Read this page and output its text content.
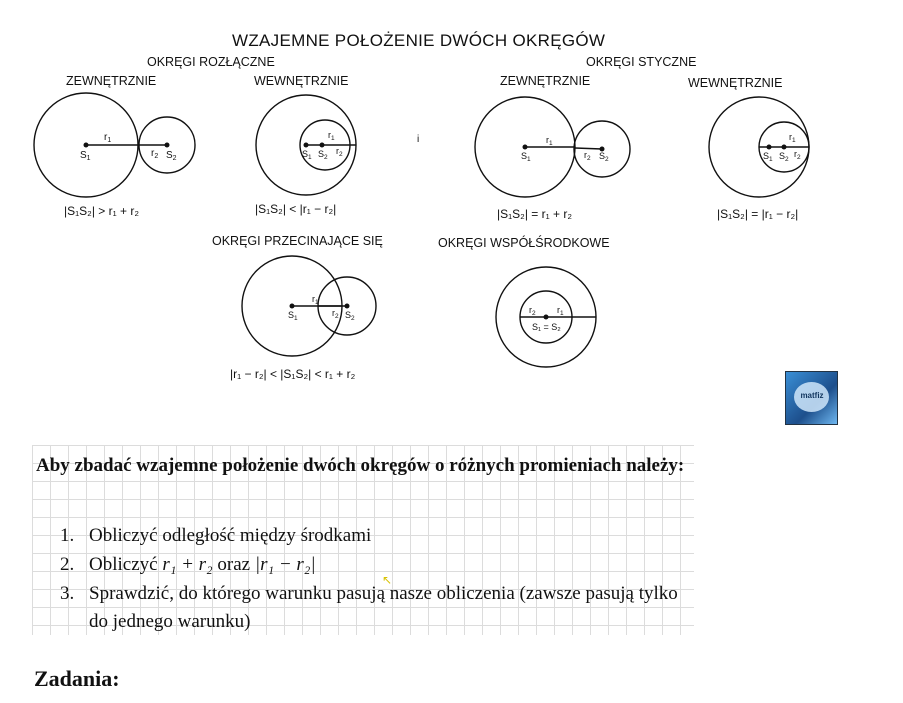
WZAJEMNE POŁOŻENIE DWÓCH OKRĘGÓW
OKRĘGI ROZŁĄCZNE	OKRĘGI STYCZNE
ZEWNĘTRZNIE	WEWNĘTRZNIE	ZEWNĘTRZNIE	WEWNĘTRZNIE
$r_1$
$S_1$	$r_2$ $S_2$
|S₁S₂| > r₁ + r₂
$r_1$
$S_1$ $S_2$
$r_2$
|S₁S₂| < |r₁ − r₂|
i	$r_1$
$S_1$	$r_2$ $S_2$
|S₁S₂| = r₁ + r₂
$r_1$
$S_1$ $S_2$
$r_2$
|S₁S₂| = |r₁ − r₂|
OKRĘGI PRZECINAJĄCE SIĘ	OKRĘGI WSPÓŁŚRODKOWE
$r_1$
$S_1$
$r_2$ $S_2$
|r₁ − r₂| < |S₁S₂| < r₁ + r₂
$r_2$ $r_1$
S₁ = S₂
matfiz
Aby zbadać wzajemne położenie dwóch okręgów o różnych promieniach należy:
1. Obliczyć odległość między środkami
2. Obliczyć r₁ + r₂ oraz |r₁ − r₂|
3. Sprawdzić, do którego warunku pasują nasze obliczenia (zawsze pasują tylko do jednego warunku)
↖
Zadania:
